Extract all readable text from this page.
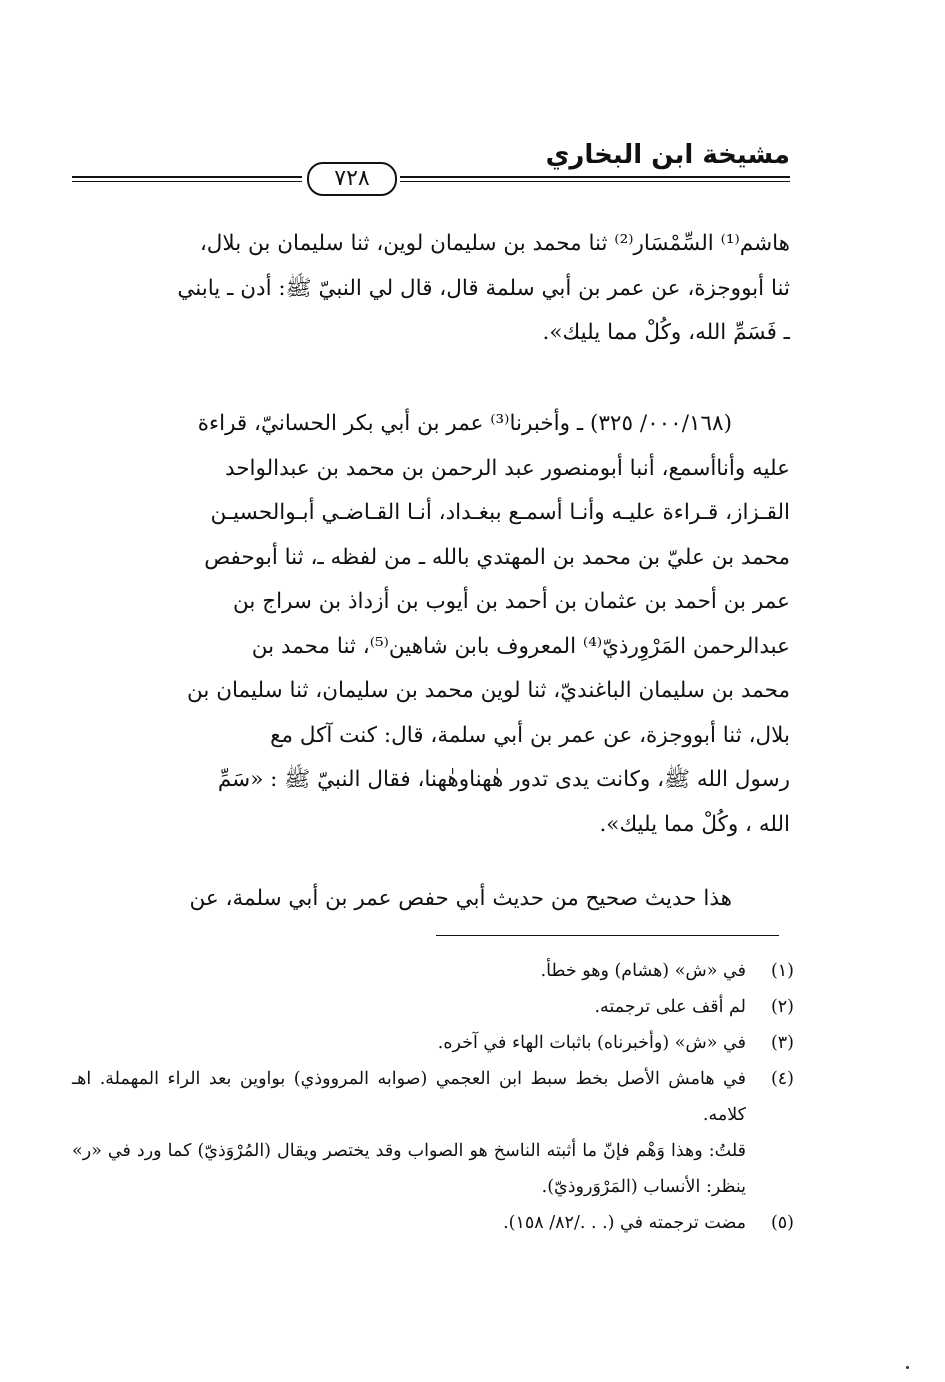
مشيخة ابن البخاري
٧٢٨

هاشم⁽¹⁾ السِّمْسَار⁽²⁾ ثنا محمد بن سليمان لوين، ثنا سليمان بن بلال،

ثنا أبووجزة، عن عمر بن أبي سلمة قال، قال لي النبيّ ﷺ: أدن ـ يابني

ـ فَسَمِّ الله، وكُلْ مما يليك».

(٠٠٠/١٦٨/ ٣٢٥) ـ وأخبرنا⁽³⁾ عمر بن أبي بكر الحسانيّ، قراءة

عليه وأناأسمع، أنبا أبومنصور عبد الرحمن بن محمد بن عبدالواحد

القـزاز، قـراءة عليـه وأنـا أسمـع ببغـداد، أنـا القـاضـي أبـوالحسيـن

محمد بن عليّ بن محمد بن المهتدي بالله ـ من لفظه ـ، ثنا أبوحفص

عمر بن أحمد بن عثمان بن أحمد بن أيوب بن أزداذ بن سراج بن

عبدالرحمن المَرْوِرذيّ⁽⁴⁾ المعروف بابن شاهين⁽⁵⁾، ثنا محمد بن

محمد بن سليمان الباغنديّ، ثنا لوين محمد بن سليمان، ثنا سليمان بن

بلال، ثنا أبووجزة، عن عمر بن أبي سلمة، قال: كنت آكل مع

رسول الله ﷺ، وكانت يدى تدور هٰهناوهٰهنا، فقال النبيّ ﷺ : «سَمِّ

الله ، وكُلْ مما يليك».

هذا حديث صحيح من حديث أبي حفص عمر بن أبي سلمة، عن

(١)
في «ش» (هشام) وهو خطأ.
(٢)
لم أقف على ترجمته.
(٣)
في «ش» (وأخبرناه) باثبات الهاء في آخره.
(٤)
في هامش الأصل بخط سبط ابن العجمي (صوابه المرووذي) بواوين بعد الراء المهملة. اهـ كلامه.
قلتُ: وهذا وَهْم فإنّ ما أثبته الناسخ هو الصواب وقد يختصر ويقال (المُرْوَذيّ) كما ورد في «ر» ينظر: الأنساب (المَرْوَروذيّ).
(٥)
مضت ترجمته في (. . ./٨٢/ ١٥٨).
